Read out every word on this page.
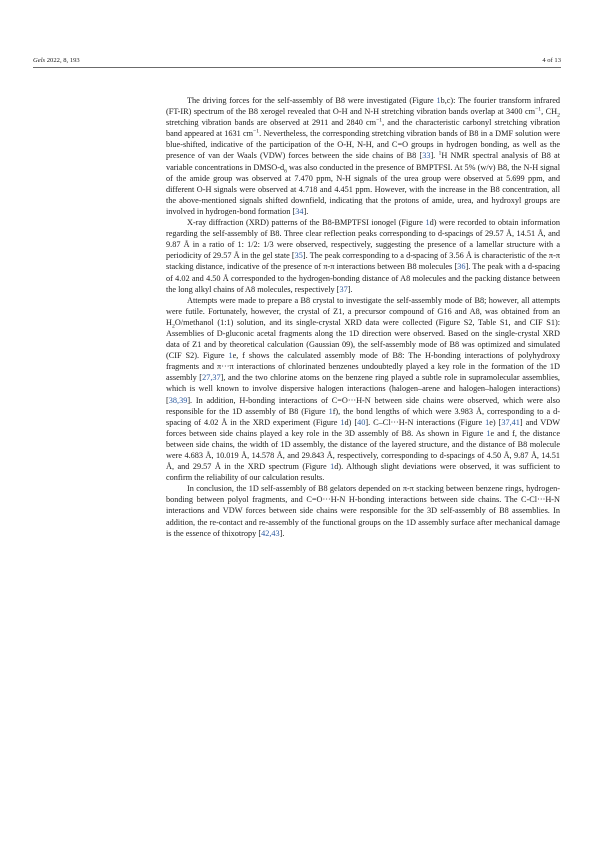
Gels 2022, 8, 193	4 of 13

The driving forces for the self-assembly of B8 were investigated (Figure 1b,c): The fourier transform infrared (FT-IR) spectrum of the B8 xerogel revealed that O-H and N-H stretching vibration bands overlap at 3400 $cm^{-1}$, $CH_2$ stretching vibration bands are observed at 2911 and 2840 $cm^{-1}$, and the characteristic carbonyl stretching vibration band appeared at 1631 $cm^{-1}$. Nevertheless, the corresponding stretching vibration bands of B8 in a DMF solution were blue-shifted, indicative of the participation of the O-H, N-H, and C=O groups in hydrogen bonding, as well as the presence of van der Waals (VDW) forces between the side chains of B8 [33]. $^1$H NMR spectral analysis of B8 at variable concentrations in DMSO-$d_6$ was also conducted in the presence of BMPTFSI. At 5% (w/v) B8, the N-H signal of the amide group was observed at 7.470 ppm, N-H signals of the urea group were observed at 5.699 ppm, and different O-H signals were observed at 4.718 and 4.451 ppm. However, with the increase in the B8 concentration, all the above-mentioned signals shifted downfield, indicating that the protons of amide, urea, and hydroxyl groups are involved in hydrogen-bond formation [34].

X-ray diffraction (XRD) patterns of the B8-BMPTFSI ionogel (Figure 1d) were recorded to obtain information regarding the self-assembly of B8. Three clear reflection peaks corresponding to d-spacings of 29.57 Å, 14.51 Å, and 9.87 Å in a ratio of 1: 1/2: 1/3 were observed, respectively, suggesting the presence of a lamellar structure with a periodicity of 29.57 Å in the gel state [35]. The peak corresponding to a d-spacing of 3.56 Å is characteristic of the π-π stacking distance, indicative of the presence of π-π interactions between B8 molecules [36]. The peak with a d-spacing of 4.02 and 4.50 Å corresponded to the hydrogen-bonding distance of A8 molecules and the packing distance between the long alkyl chains of A8 molecules, respectively [37].

Attempts were made to prepare a B8 crystal to investigate the self-assembly mode of B8; however, all attempts were futile. Fortunately, however, the crystal of Z1, a precursor compound of G16 and A8, was obtained from an $H_2O$/methanol (1:1) solution, and its single-crystal XRD data were collected (Figure S2, Table S1, and CIF S1): Assemblies of D-gluconic acetal fragments along the 1D direction were observed. Based on the single-crystal XRD data of Z1 and by theoretical calculation (Gaussian 09), the self-assembly mode of B8 was optimized and simulated (CIF S2). Figure 1e, f shows the calculated assembly mode of B8: The H-bonding interactions of polyhydroxy fragments and π···π interactions of chlorinated benzenes undoubtedly played a key role in the formation of the 1D assembly [27,37], and the two chlorine atoms on the benzene ring played a subtle role in supramolecular assemblies, which is well known to involve dispersive halogen interactions (halogen–arene and halogen–halogen interactions) [38,39]. In addition, H-bonding interactions of C=O···H-N between side chains were observed, which were also responsible for the 1D assembly of B8 (Figure 1f), the bond lengths of which were 3.983 Å, corresponding to a d-spacing of 4.02 Å in the XRD experiment (Figure 1d) [40]. C–Cl···H-N interactions (Figure 1e) [37,41] and VDW forces between side chains played a key role in the 3D assembly of B8. As shown in Figure 1e and f, the distance between side chains, the width of 1D assembly, the distance of the layered structure, and the distance of B8 molecule were 4.683 Å, 10.019 Å, 14.578 Å, and 29.843 Å, respectively, corresponding to d-spacings of 4.50 Å, 9.87 Å, 14.51 Å, and 29.57 Å in the XRD spectrum (Figure 1d). Although slight deviations were observed, it was sufficient to confirm the reliability of our calculation results.

In conclusion, the 1D self-assembly of B8 gelators depended on π-π stacking between benzene rings, hydrogen-bonding between polyol fragments, and C=O···H-N H-bonding interactions between side chains. The C-Cl···H-N interactions and VDW forces between side chains were responsible for the 3D self-assembly of B8 assemblies. In addition, the re-contact and re-assembly of the functional groups on the 1D assembly surface after mechanical damage is the essence of thixotropy [42,43].
